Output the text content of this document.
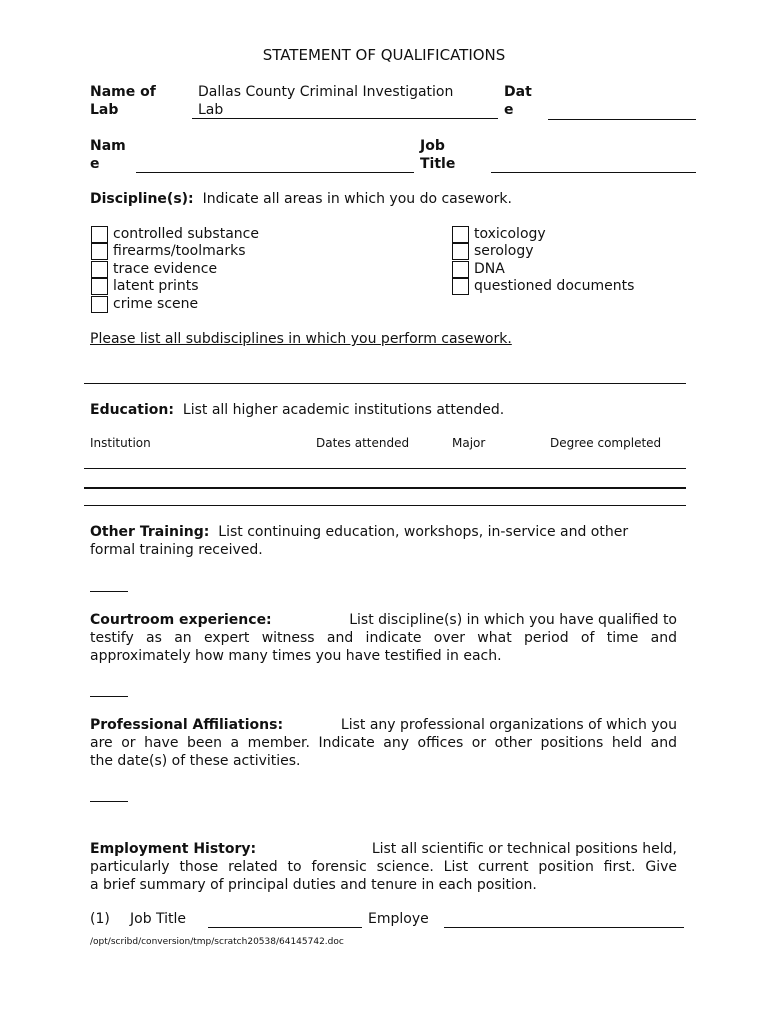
STATEMENT OF QUALIFICATIONS
Name of
Lab
Dallas County Criminal Investigation
Lab
Dat
e
Nam
e
Job
Title
Discipline(s): Indicate all areas in which you do casework.
controlled substance
firearms/toolmarks
trace evidence
latent prints
crime scene
toxicology
serology
DNA
questioned documents
Please list all subdisciplines in which you perform casework.
Education: List all higher academic institutions attended.
Institution	Dates attended	Major	Degree completed
Other Training: List continuing education, workshops, in-service and other
formal training received.
Courtroom experience:	List discipline(s) in which you have qualified to
testify as an expert witness and indicate over what period of time and
approximately how many times you have testified in each.
Professional Affiliations:	List any professional organizations of which you
are or have been a member. Indicate any offices or other positions held and
the date(s) of these activities.
Employment History:	List all scientific or technical positions held,
particularly those related to forensic science. List current position first. Give
a brief summary of principal duties and tenure in each position.
(1) Job Title	Employe
/opt/scribd/conversion/tmp/scratch20538/64145742.doc
